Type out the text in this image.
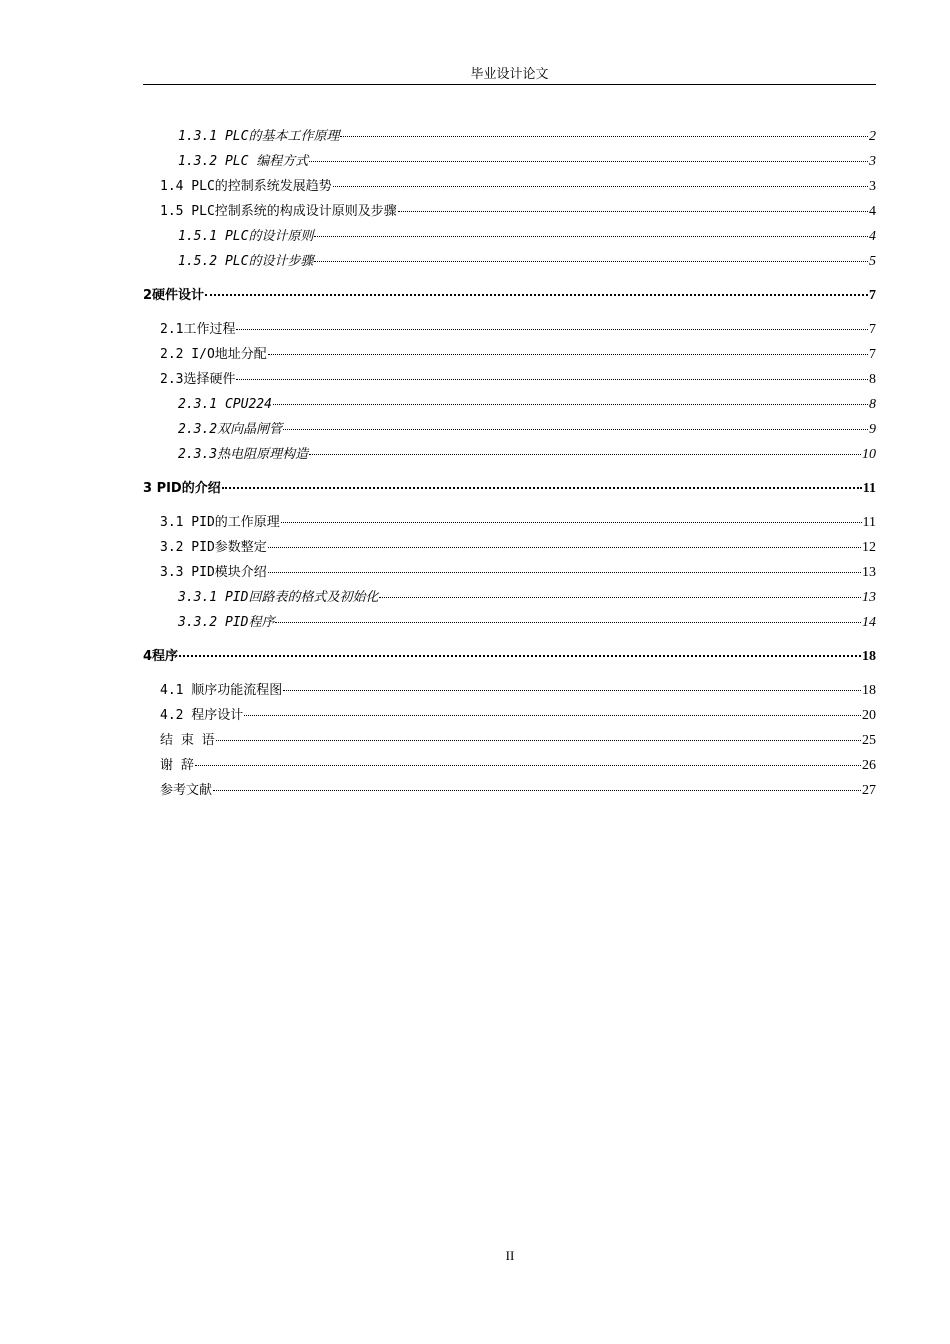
毕业设计论文
1.3.1 PLC的基本工作原理	2
1.3.2 PLC 编程方式	3
1.4 PLC的控制系统发展趋势	3
1.5 PLC控制系统的构成设计原则及步骤	4
1.5.1 PLC的设计原则	4
1.5.2 PLC的设计步骤	5
2硬件设计	7
2.1工作过程	7
2.2 I/O地址分配	7
2.3选择硬件	8
2.3.1 CPU224	8
2.3.2双向晶闸管	9
2.3.3热电阻原理构造	10
3 PID的介绍	11
3.1 PID的工作原理	11
3.2 PID参数整定	12
3.3 PID模块介绍	13
3.3.1 PID回路表的格式及初始化	13
3.3.2 PID程序	14
4程序	18
4.1 顺序功能流程图	18
4.2 程序设计	20
结 束 语	25
谢 辞	26
参考文献	27
II
